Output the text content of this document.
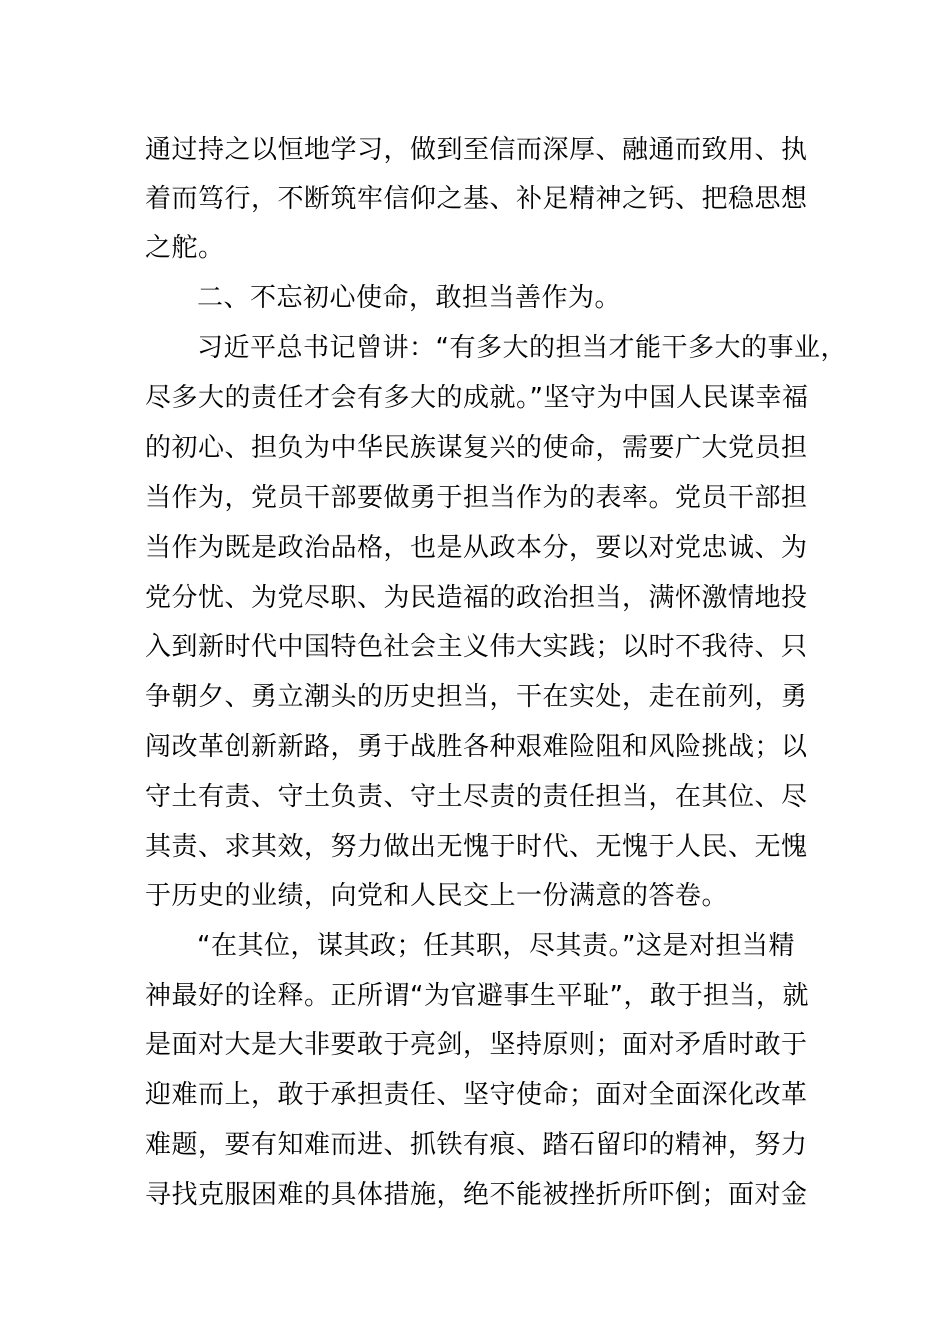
通过持之以恒地学习，做到至信而深厚、融通而致用、执
着而笃行，不断筑牢信仰之基、补足精神之钙、把稳思想
之舵。
二、不忘初心使命，敢担当善作为。
习近平总书记曾讲：“有多大的担当才能干多大的事业，
尽多大的责任才会有多大的成就。”坚守为中国人民谋幸福
的初心、担负为中华民族谋复兴的使命，需要广大党员担
当作为，党员干部要做勇于担当作为的表率。党员干部担
当作为既是政治品格，也是从政本分，要以对党忠诚、为
党分忧、为党尽职、为民造福的政治担当，满怀激情地投
入到新时代中国特色社会主义伟大实践；以时不我待、只
争朝夕、勇立潮头的历史担当，干在实处，走在前列，勇
闯改革创新新路，勇于战胜各种艰难险阻和风险挑战；以
守土有责、守土负责、守土尽责的责任担当，在其位、尽
其责、求其效，努力做出无愧于时代、无愧于人民、无愧
于历史的业绩，向党和人民交上一份满意的答卷。
“在其位，谋其政；任其职，尽其责。”这是对担当精
神最好的诠释。正所谓“为官避事生平耻”，敢于担当，就
是面对大是大非要敢于亮剑，坚持原则；面对矛盾时敢于
迎难而上，敢于承担责任、坚守使命；面对全面深化改革
难题，要有知难而进、抓铁有痕、踏石留印的精神，努力
寻找克服困难的具体措施，绝不能被挫折所吓倒；面对金
